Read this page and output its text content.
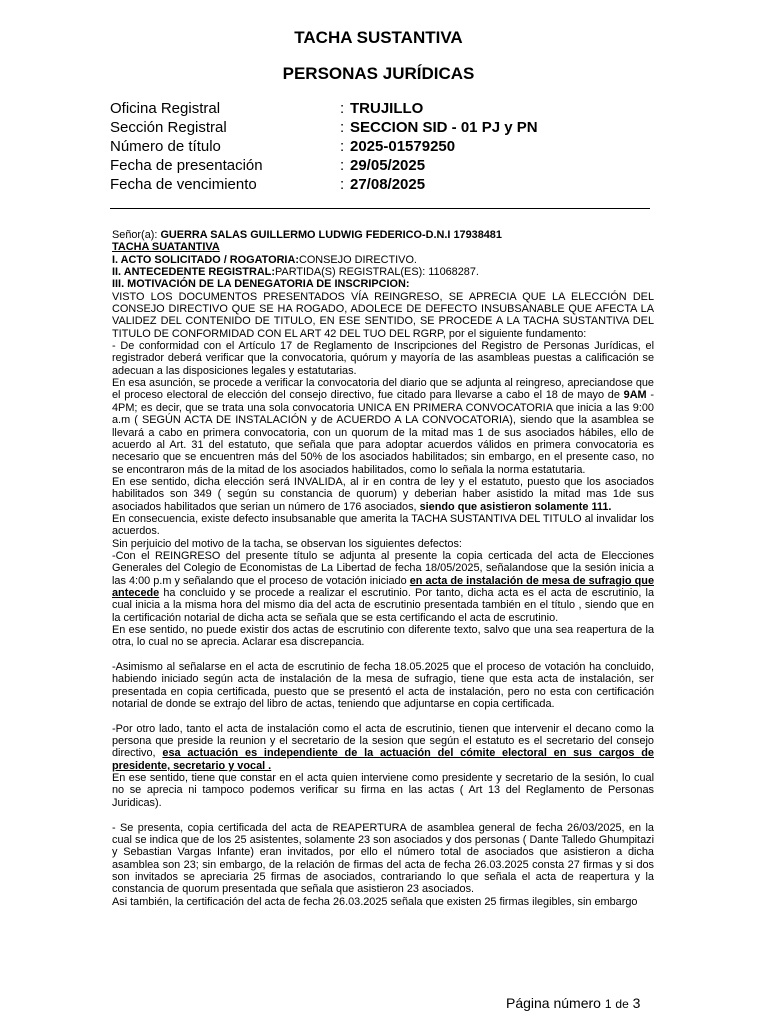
TACHA SUSTANTIVA
PERSONAS JURÍDICAS
Oficina Registral	: TRUJILLO
Sección Registral	: SECCION SID - 01 PJ y PN
Número de título	: 2025-01579250
Fecha de presentación	: 29/05/2025
Fecha de vencimiento	: 27/08/2025

Señor(a): GUERRA SALAS GUILLERMO LUDWIG FEDERICO-D.N.I 17938481

TACHA SUATANTIVA

I. ACTO SOLICITADO / ROGATORIA:CONSEJO DIRECTIVO.

II. ANTECEDENTE REGISTRAL:PARTIDA(S) REGISTRAL(ES): 11068287.

III. MOTIVACIÓN DE LA DENEGATORIA DE INSCRIPCION:

VISTO LOS DOCUMENTOS PRESENTADOS VÍA REINGRESO, SE APRECIA QUE LA ELECCIÓN DEL CONSEJO DIRECTIVO QUE SE HA ROGADO, ADOLECE DE DEFECTO INSUBSANABLE QUE AFECTA LA VALIDEZ DEL CONTENIDO DE TITULO, EN ESE SENTIDO, SE PROCEDE A LA TACHA SUSTANTIVA DEL TITULO DE CONFORMIDAD CON EL ART 42 DEL TUO DEL RGRP, por el siguiente fundamento:

- De conformidad con el Artículo 17 de Reglamento de Inscripciones del Registro de Personas Jurídicas, el registrador deberá verificar que la convocatoria, quórum y mayoría de las asambleas puestas a calificación se adecuan a las disposiciones legales y estatutarias.

En esa asunción, se procede a verificar la convocatoria del diario que se adjunta al reingreso, apreciandose que el proceso electoral de elección del consejo directivo, fue citado para llevarse a cabo el 18 de mayo de 9AM - 4PM; es decir, que se trata una sola convocatoria UNICA EN PRIMERA CONVOCATORIA que inicia a las 9:00 a.m ( SEGÚN ACTA DE INSTALACIÓN y de ACUERDO A LA CONVOCATORIA), siendo que la asamblea se llevará a cabo en primera convocatoria, con un quorum de la mitad mas 1 de sus asociados hábiles, ello de acuerdo al Art. 31 del estatuto, que señala que para adoptar acuerdos válidos en primera convocatoria es necesario que se encuentren más del 50% de los asociados habilitados; sin embargo, en el presente caso, no se encontraron más de la mitad de los asociados habilitados, como lo señala la norma estatutaria.

En ese sentido, dicha elección será INVALIDA, al ir en contra de ley y el estatuto, puesto que los asociados habilitados son 349 ( según su constancia de quorum) y deberian haber asistido la mitad mas 1de sus asociados habilitados que serian un número de 176 asociados, siendo que asistieron solamente 111.

En consecuencia, existe defecto insubsanable que amerita la TACHA SUSTANTIVA DEL TITULO al invalidar los acuerdos.

Sin perjuicio del motivo de la tacha, se observan los siguientes defectos:

-Con el REINGRESO del presente título se adjunta al presente la copia certicada del acta de Elecciones Generales del Colegio de Economistas de La Libertad de fecha 18/05/2025, señalandose que la sesión inicia a las 4:00 p.m y señalando que el proceso de votación iniciado en acta de instalación de mesa de sufragio que antecede ha concluido y se procede a realizar el escrutinio. Por tanto, dicha acta es el acta de escrutinio, la cual inicia a la misma hora del mismo dia del acta de escrutinio presentada también en el título , siendo que en la certificación notarial de dicha acta se señala que se esta certificando el acta de escrutinio.

En ese sentido, no puede existir dos actas de escrutinio con diferente texto, salvo que una sea reapertura de la otra, lo cual no se aprecia. Aclarar esa discrepancia.

-Asimismo al señalarse en el acta de escrutinio de fecha 18.05.2025 que el proceso de votación ha concluido, habiendo iniciado según acta de instalación de la mesa de sufragio, tiene que esta acta de instalación, ser presentada en copia certificada, puesto que se presentó el acta de instalación, pero no esta con certificación notarial de donde se extrajo del libro de actas, teniendo que adjuntarse en copia certificada.

-Por otro lado, tanto el acta de instalación como el acta de escrutinio, tienen que intervenir el decano como la persona que preside la reunion y el secretario de la sesion que según el estatuto es el secretario del consejo directivo, esa actuación es independiente de la actuación del cómite electoral en sus cargos de presidente, secretario y vocal .

En ese sentido, tiene que constar en el acta quien interviene como presidente y secretario de la sesión, lo cual no se aprecia ni tampoco podemos verificar su firma en las actas ( Art 13 del Reglamento de Personas Juridicas).

- Se presenta, copia certificada del acta de REAPERTURA de asamblea general de fecha 26/03/2025, en la cual se indica que de los 25 asistentes, solamente 23 son asociados y dos personas ( Dante Talledo Ghumpitazi y Sebastian Vargas Infante) eran invitados, por ello el número total de asociados que asistieron a dicha asamblea son 23; sin embargo, de la relación de firmas del acta de fecha 26.03.2025 consta 27 firmas y si dos son invitados se apreciaria 25 firmas de asociados, contrariando lo que señala el acta de reapertura y la constancia de quorum presentada que señala que asistieron 23 asociados.

Asi también, la certificación del acta de fecha 26.03.2025 señala que existen 25 firmas ilegibles, sin embargo

Página número 1 de 3
